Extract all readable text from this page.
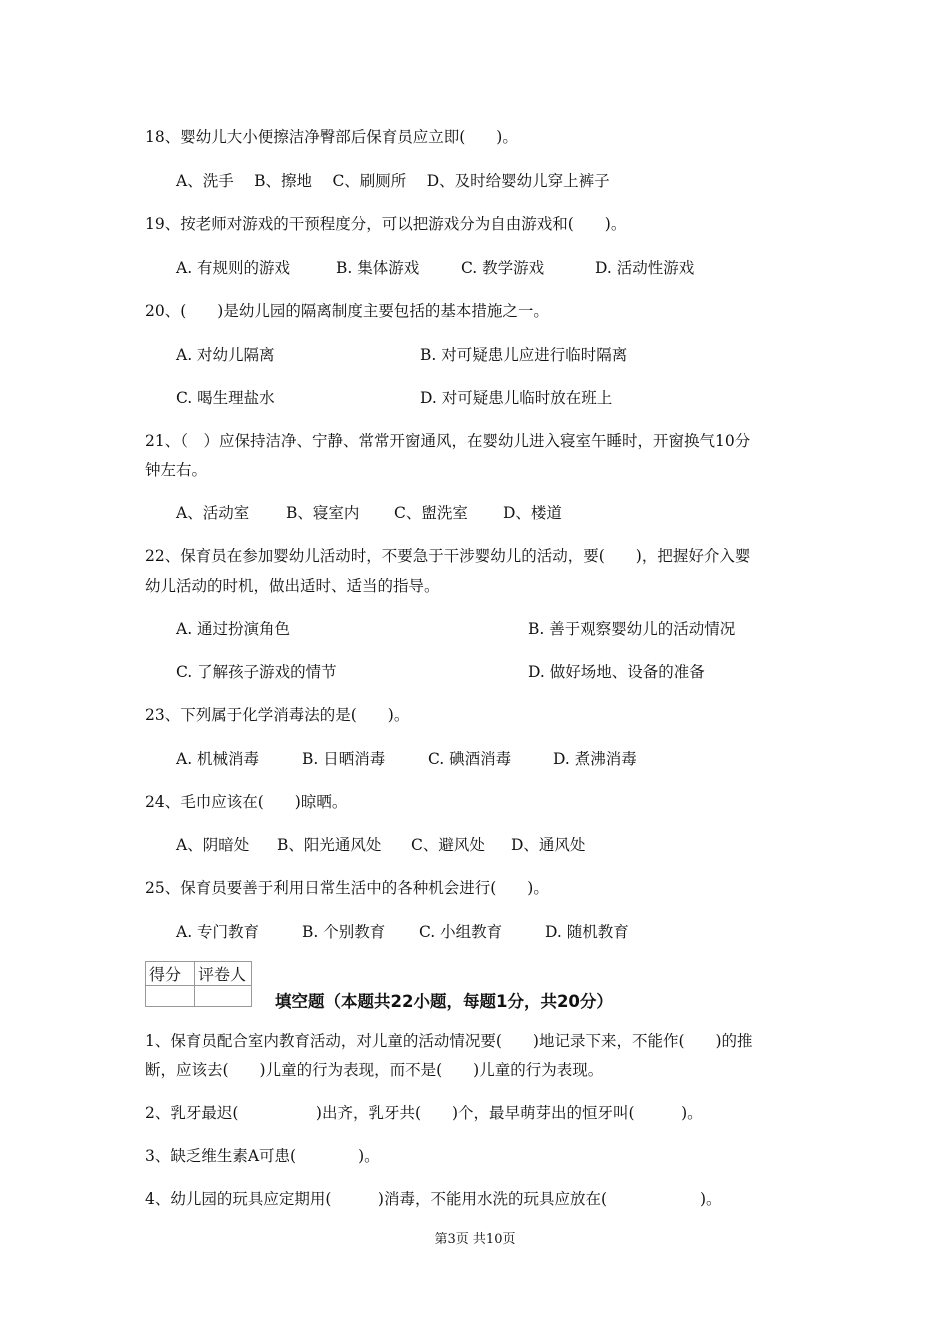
18、婴幼儿大小便擦洁净臀部后保育员应立即(　　)。
A、洗手　 B、擦地　 C、刷厕所　 D、及时给婴幼儿穿上裤子
19、按老师对游戏的干预程度分，可以把游戏分为自由游戏和(　　)。
A. 有规则的游戏	B. 集体游戏	C. 教学游戏	D. 活动性游戏
20、(　　)是幼儿园的隔离制度主要包括的基本措施之一。
A. 对幼儿隔离	B. 对可疑患儿应进行临时隔离
C. 喝生理盐水	D. 对可疑患儿临时放在班上
21、（　）应保持洁净、宁静、常常开窗通风，在婴幼儿进入寝室午睡时，开窗换气10分
钟左右。
A、活动室 B、寝室内 C、盥洗室 D、楼道
22、保育员在参加婴幼儿活动时，不要急于干涉婴幼儿的活动，要(　　)，把握好介入婴
幼儿活动的时机，做出适时、适当的指导。
A. 通过扮演角色	B. 善于观察婴幼儿的活动情况
C. 了解孩子游戏的情节	D. 做好场地、设备的准备
23、下列属于化学消毒法的是(　　)。
A. 机械消毒	B. 日晒消毒	C. 碘酒消毒	D. 煮沸消毒
24、毛巾应该在(　　)晾晒。
A、阴暗处 B、阳光通风处 C、避风处 D、通风处
25、保育员要善于利用日常生活中的各种机会进行(　　)。
A. 专门教育	B. 个别教育 C. 小组教育	D. 随机教育
得分	评卷人

填空题（本题共22小题，每题1分，共20分）
1、保育员配合室内教育活动，对儿童的活动情况要(　　)地记录下来，不能作(　　)的推
断，应该去(　　)儿童的行为表现，而不是(　　)儿童的行为表现。
2、乳牙最迟(　　　　　)出齐，乳牙共(　　)个，最早萌芽出的恒牙叫(　　　)。
3、缺乏维生素A可患(　　　　)。
4、幼儿园的玩具应定期用(　　　)消毒，不能用水洗的玩具应放在(　　　　　　)。
第3页 共10页
